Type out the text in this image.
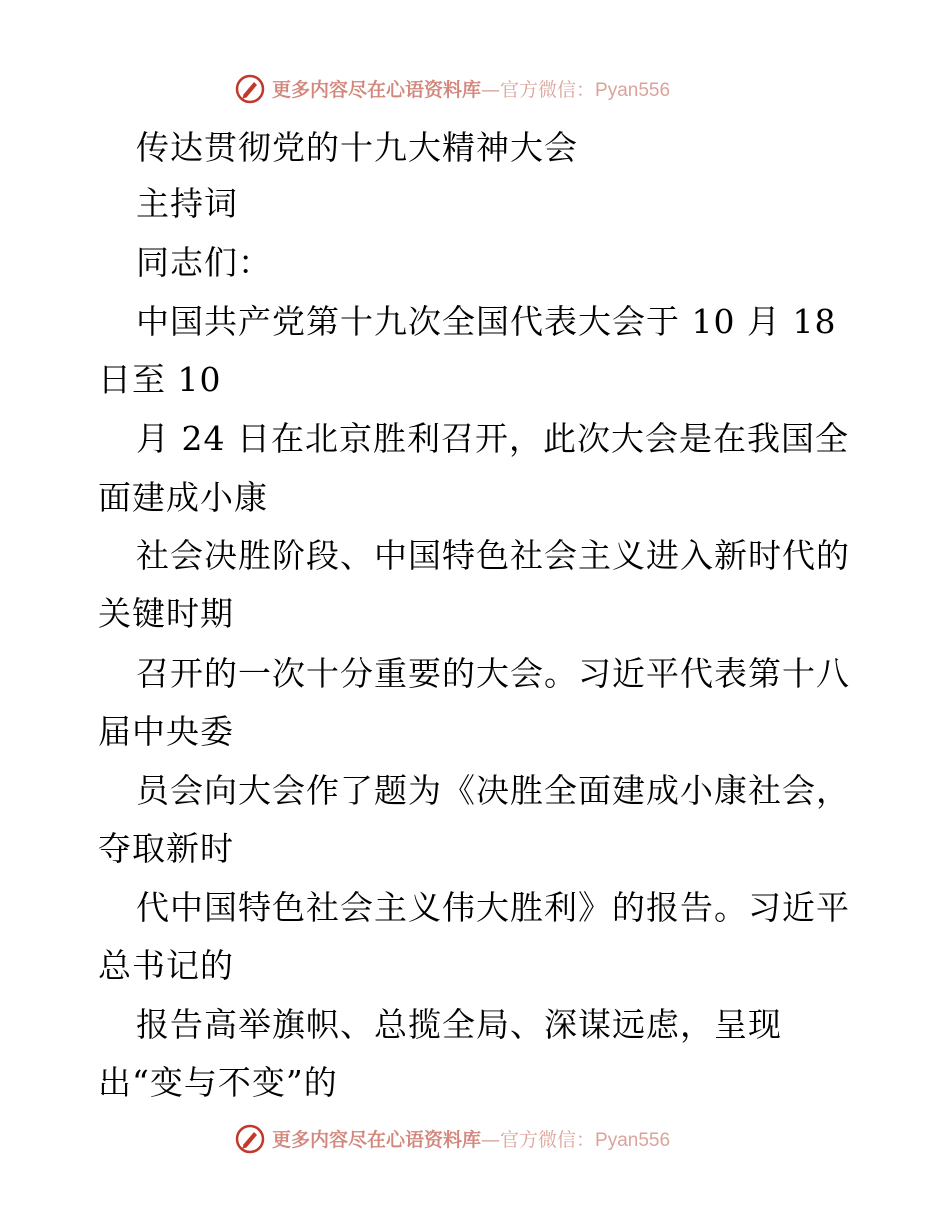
更多内容尽在心语资料库—官方微信：Pyan556
传达贯彻党的十九大精神大会
主持词
同志们：
中国共产党第十九次全国代表大会于 10 月 18
日至 10
月 24 日在北京胜利召开，此次大会是在我国全
面建成小康
社会决胜阶段、中国特色社会主义进入新时代的
关键时期
召开的一次十分重要的大会。习近平代表第十八
届中央委
员会向大会作了题为《决胜全面建成小康社会，
夺取新时
代中国特色社会主义伟大胜利》的报告。习近平
总书记的
报告高举旗帜、总揽全局、深谋远虑，呈现
出“变与不变”的
更多内容尽在心语资料库—官方微信：Pyan556
